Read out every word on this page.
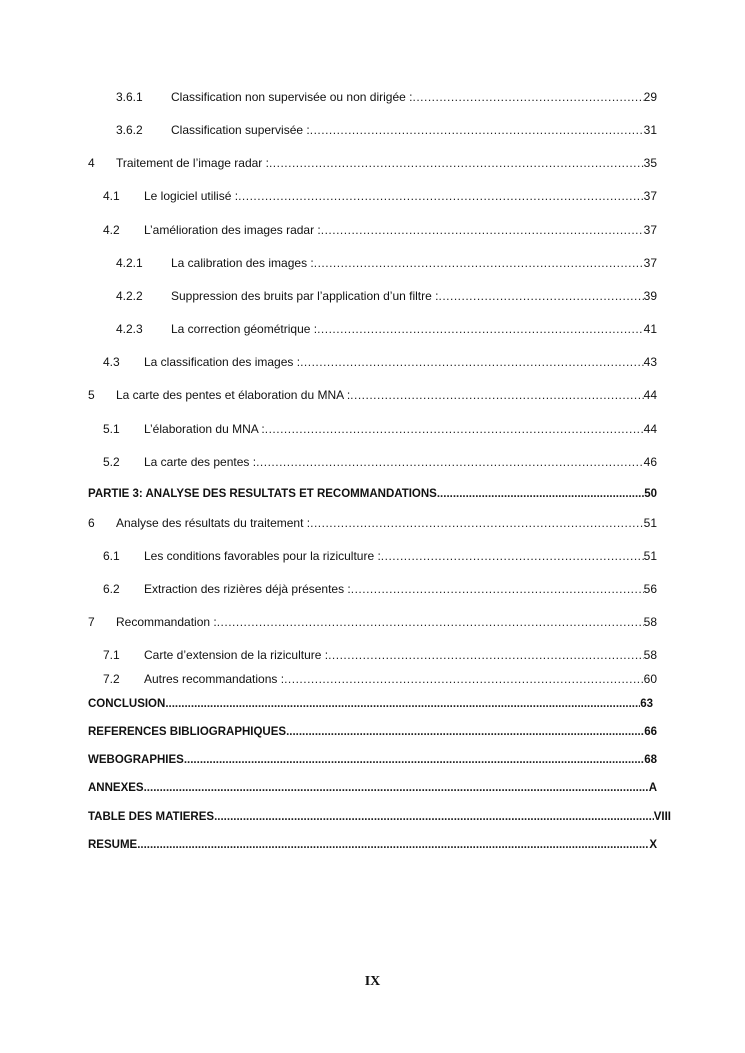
3.6.1 Classification non supervisée ou non dirigée : .....	29
3.6.2 Classification supervisée : .....	31
4 Traitement de l’image radar : .....	35
4.1 Le logiciel utilisé : .....	37
4.2 L’amélioration des images radar : .....	37
4.2.1 La calibration des images : .....	37
4.2.2 Suppression des bruits par l’application d’un filtre : .....	39
4.2.3 La correction géométrique : .....	41
4.3 La classification des images : .....	43
5 La carte des pentes et élaboration du MNA : .....	44
5.1 L’élaboration du MNA : .....	44
5.2 La carte des pentes : .....	46
PARTIE 3: ANALYSE DES RESULTATS ET RECOMMANDATIONS .....	50
6 Analyse des résultats du traitement : .....	51
6.1 Les conditions favorables pour la riziculture : .....	51
6.2 Extraction des rizières déjà présentes : .....	56
7 Recommandation : .....	58
7.1 Carte d’extension de la riziculture : .....	58
7.2 Autres recommandations : .....	60
CONCLUSION .....	63
REFERENCES BIBLIOGRAPHIQUES .....	66
WEBOGRAPHIES .....	68
ANNEXES .....	A
TABLE DES MATIERES .....	VIII
RESUME .....	X
IX
